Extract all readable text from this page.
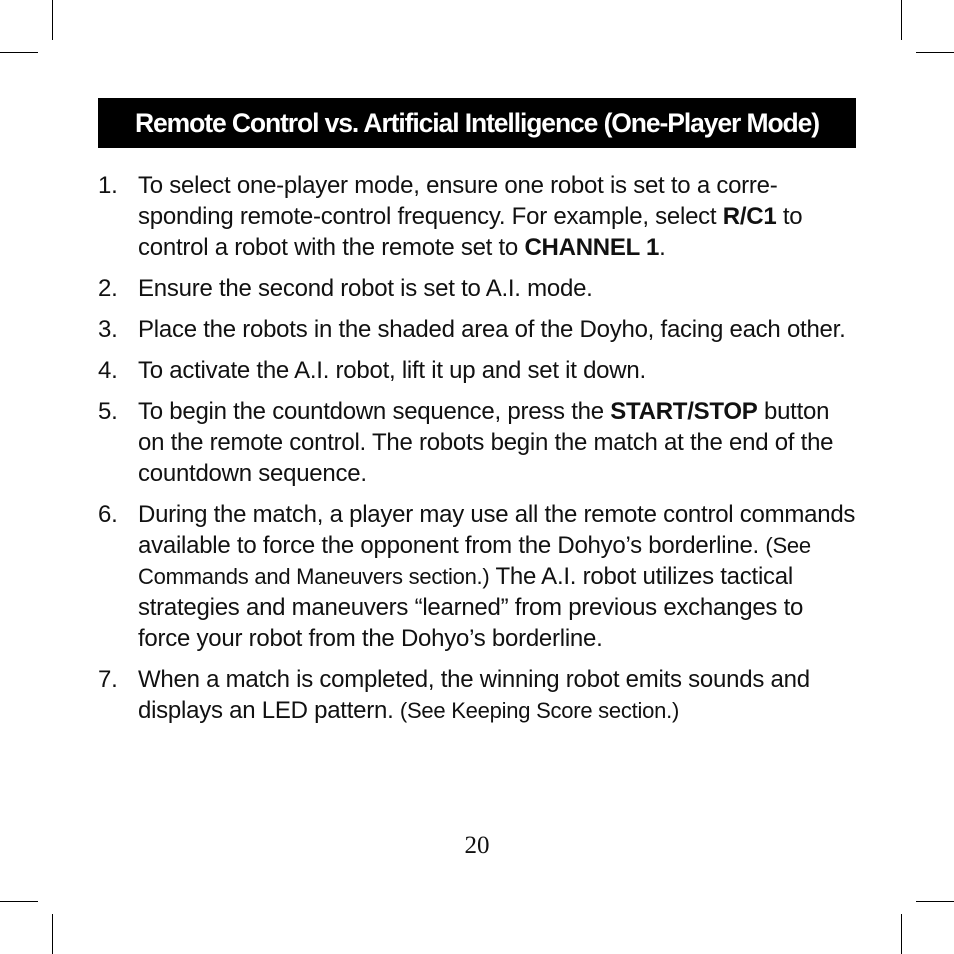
Remote Control vs. Artificial Intelligence (One-Player Mode)
1. To select one-player mode, ensure one robot is set to a corre-sponding remote-control frequency. For example, select R/C1 to control a robot with the remote set to CHANNEL 1.
2. Ensure the second robot is set to A.I. mode.
3. Place the robots in the shaded area of the Doyho, facing each other.
4. To activate the A.I. robot, lift it up and set it down.
5. To begin the countdown sequence, press the START/STOP button on the remote control. The robots begin the match at the end of the countdown sequence.
6. During the match, a player may use all the remote control commands available to force the opponent from the Dohyo’s borderline. (See Commands and Maneuvers section.) The A.I. robot utilizes tactical strategies and maneuvers “learned” from previous exchanges to force your robot from the Dohyo’s borderline.
7. When a match is completed, the winning robot emits sounds and displays an LED pattern. (See Keeping Score section.)
20
